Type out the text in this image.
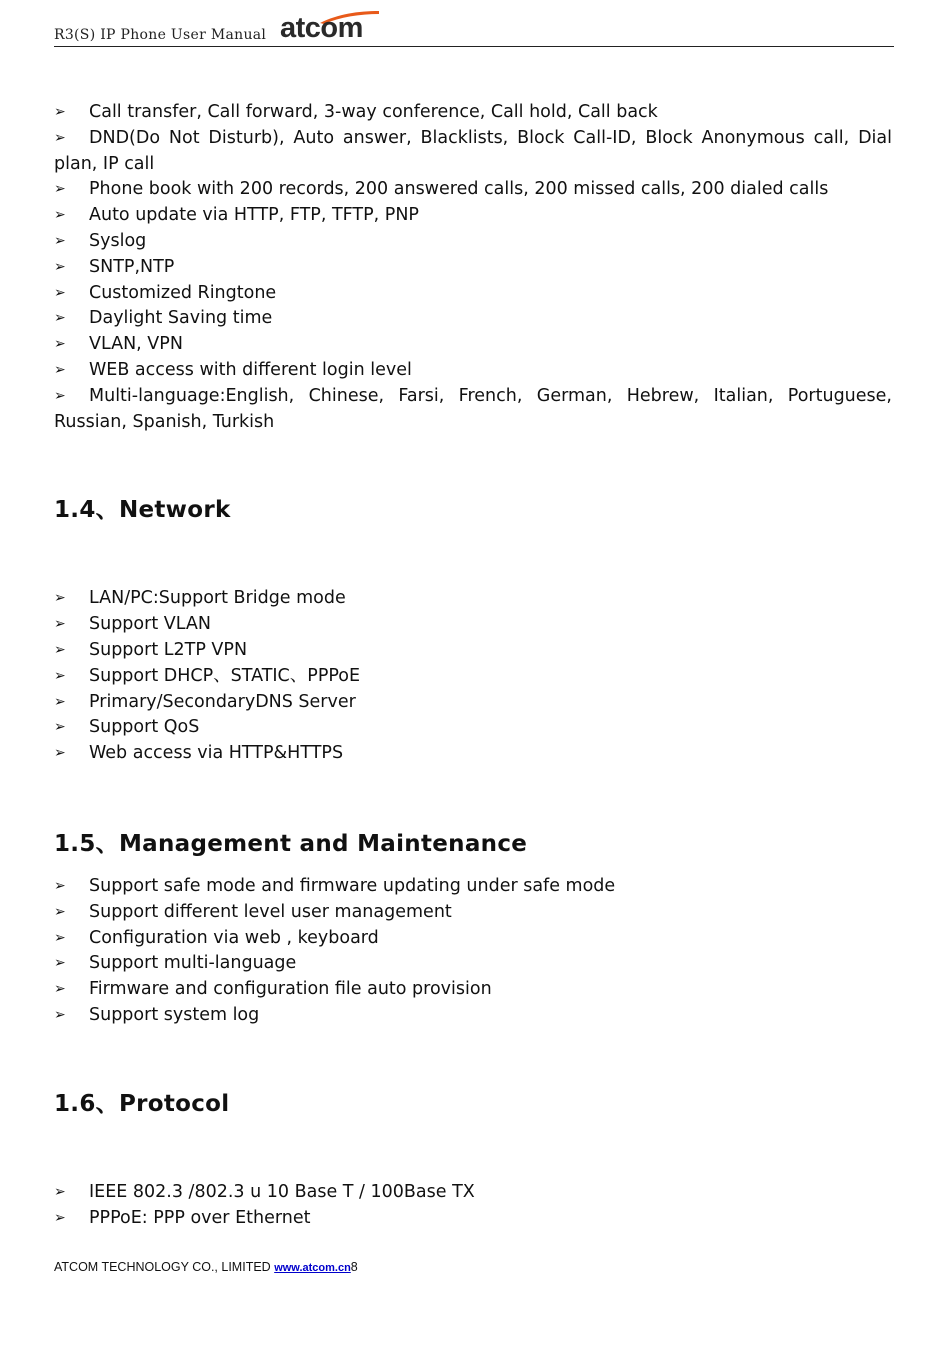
R3(S) IP Phone User Manual atcom
➢ Call transfer, Call forward, 3-way conference, Call hold, Call back
➢ DND(Do Not Disturb), Auto answer, Blacklists, Block Call-ID, Block Anonymous call, Dial plan, IP call
➢ Phone book with 200 records, 200 answered calls, 200 missed calls, 200 dialed calls
➢ Auto update via HTTP, FTP, TFTP, PNP
➢ Syslog
➢ SNTP,NTP
➢ Customized Ringtone
➢ Daylight Saving time
➢ VLAN, VPN
➢ WEB access with different login level
➢ Multi-language:English, Chinese, Farsi, French, German, Hebrew, Italian, Portuguese, Russian, Spanish, Turkish
1.4、Network
➢ LAN/PC:Support Bridge mode
➢ Support VLAN
➢ Support L2TP VPN
➢ Support DHCP、STATIC、PPPoE
➢ Primary/SecondaryDNS Server
➢ Support QoS
➢ Web access via HTTP&HTTPS
1.5、Management and Maintenance
➢ Support safe mode and firmware updating under safe mode
➢ Support different level user management
➢ Configuration via web , keyboard
➢ Support multi-language
➢ Firmware and configuration file auto provision
➢ Support system log
1.6、Protocol
➢ IEEE 802.3 /802.3 u 10 Base T / 100Base TX
➢ PPPoE: PPP over Ethernet
ATCOM TECHNOLOGY CO., LIMITED www.atcom.cn8
